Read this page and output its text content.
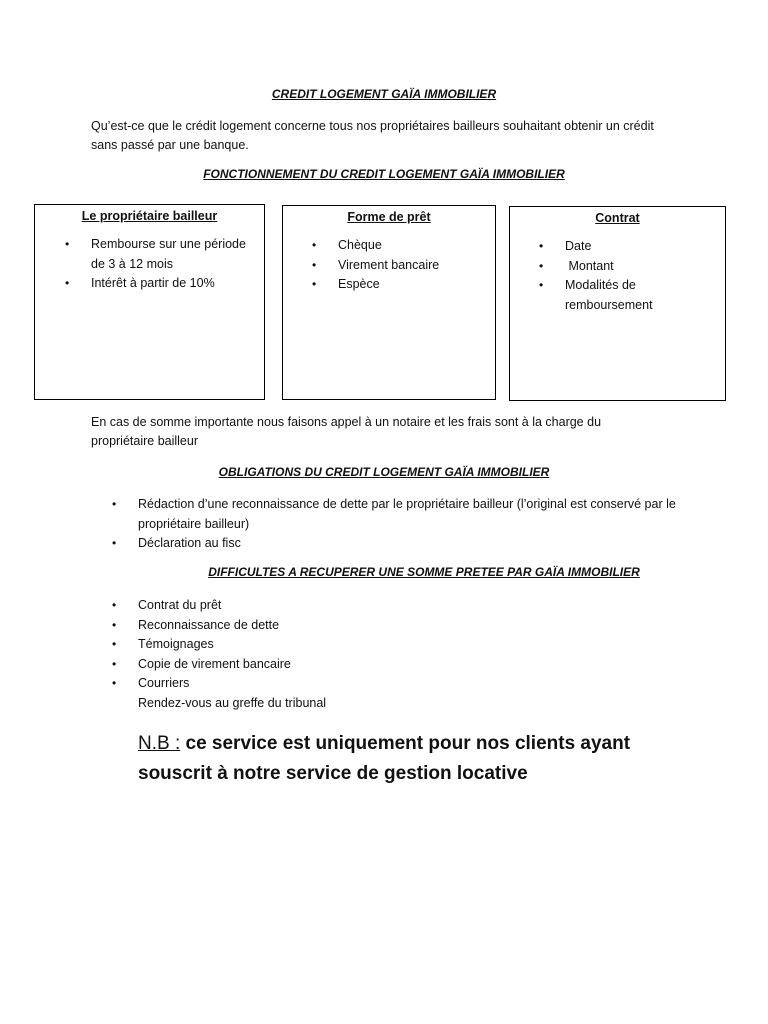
CREDIT LOGEMENT GAÏA IMMOBILIER
Qu’est-ce que le crédit logement concerne tous nos propriétaires bailleurs souhaitant obtenir un crédit sans passé par une banque.
FONCTIONNEMENT DU CREDIT LOGEMENT GAÏA IMMOBILIER
Le propriétaire bailleur
• Rembourse sur une période de 3 à 12 mois
• Intérêt à partir de 10%
Forme de prêt
• Chèque
• Virement bancaire
• Espèce
Contrat
• Date
• Montant
• Modalités de remboursement
En cas de somme importante nous faisons appel à un notaire et les frais sont à la charge du propriétaire bailleur
OBLIGATIONS DU CREDIT LOGEMENT GAÏA IMMOBILIER
• Rédaction d’une reconnaissance de dette par le propriétaire bailleur (l’original est conservé par le propriétaire bailleur)
• Déclaration au fisc
DIFFICULTES A RECUPERER UNE SOMME PRETEE PAR GAÏA IMMOBILIER
• Contrat du prêt
• Reconnaissance de dette
• Témoignages
• Copie de virement bancaire
• Courriers
Rendez-vous au greffe du tribunal
N.B : ce service est uniquement pour nos clients ayant souscrit à notre service de gestion locative
